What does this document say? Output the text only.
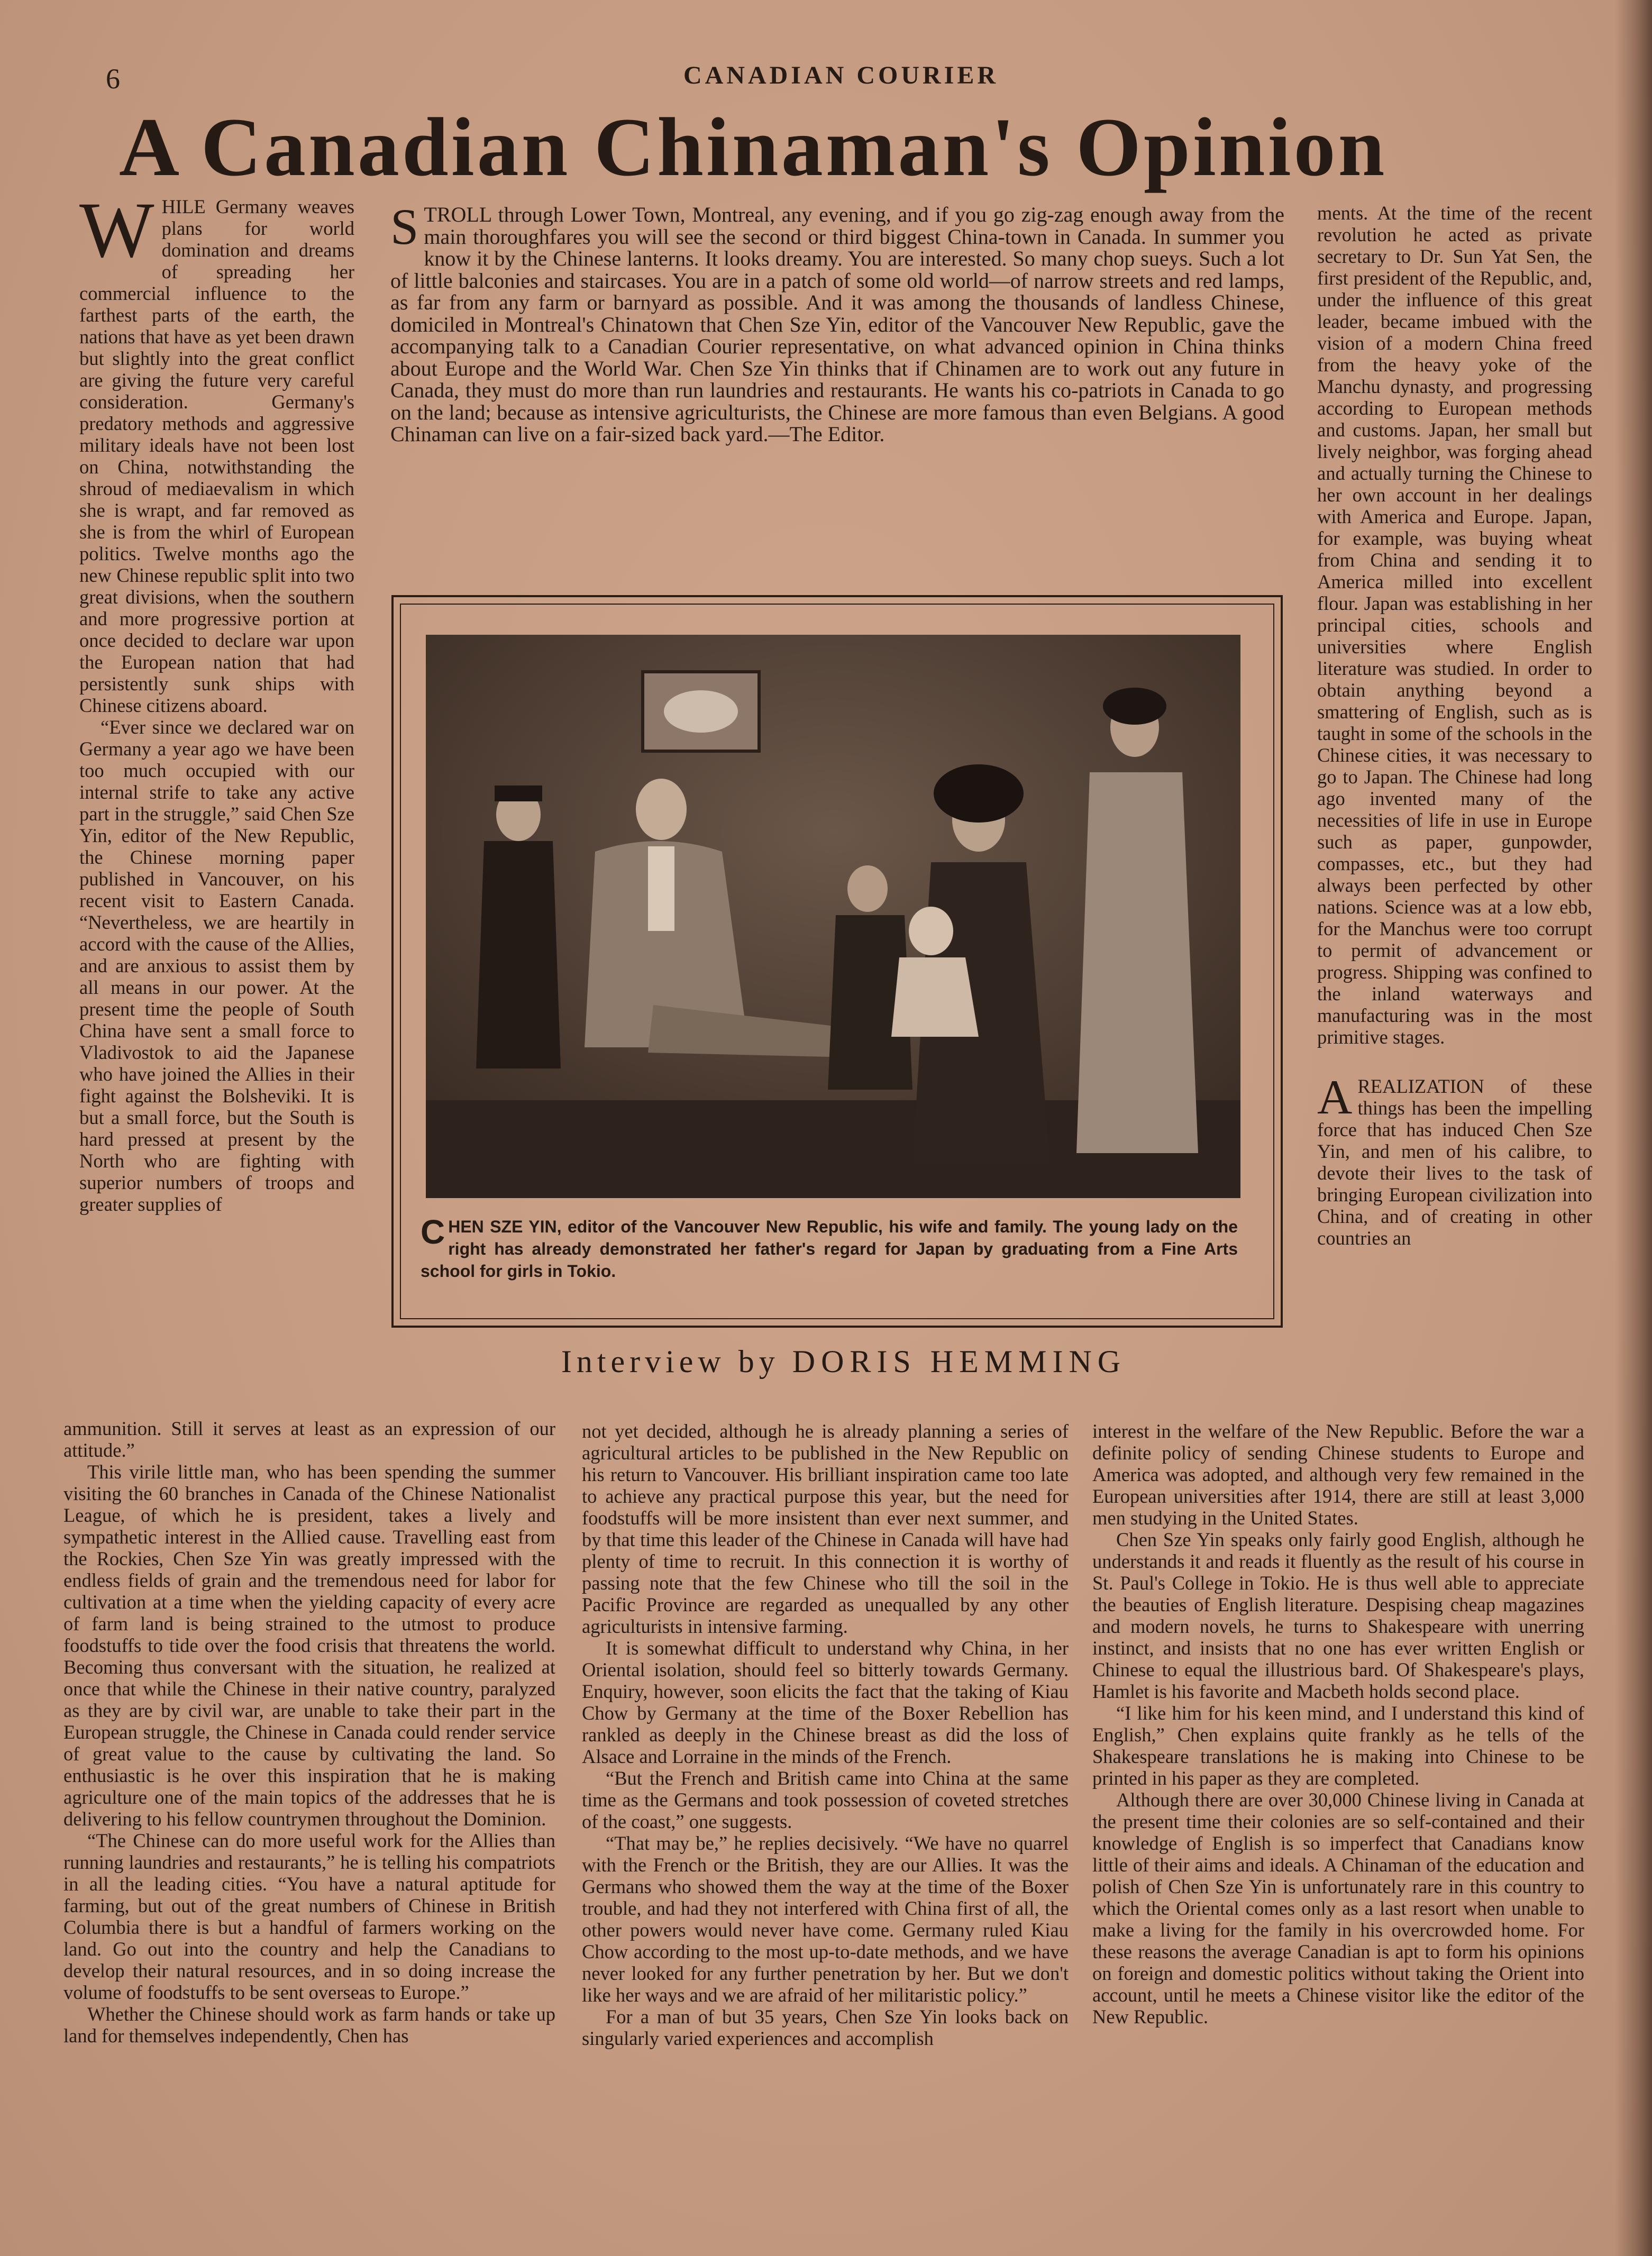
6	CANADIAN COURIER
A Canadian Chinaman's Opinion
W HILE Germany weaves plans for world domination and dreams of spreading her commercial influence to the farthest parts of the earth, the nations that have as yet been drawn but slightly into the great conflict are giving the future very careful consideration. Germany's predatory methods and aggressive military ideals have not been lost on China, notwithstanding the shroud of mediaevalism in which she is wrapt, and far removed as she is from the whirl of European politics. Twelve months ago the new Chinese republic split into two great divisions, when the southern and more progressive portion at once decided to declare war upon the European nation that had persistently sunk ships with Chinese citizens aboard.

“Ever since we declared war on Germany a year ago we have been too much occupied with our internal strife to take any active part in the struggle,” said Chen Sze Yin, editor of the New Republic, the Chinese morning paper published in Vancouver, on his recent visit to Eastern Canada. “Nevertheless, we are heartily in accord with the cause of the Allies, and are anxious to assist them by all means in our power. At the present time the people of South China have sent a small force to Vladivostok to aid the Japanese who have joined the Allies in their fight against the Bolsheviki. It is but a small force, but the South is hard pressed at present by the North who are fighting with superior numbers of troops and greater supplies of

S TROLL through Lower Town, Montreal, any evening, and if you go zig-zag enough away from the main thoroughfares you will see the second or third biggest China-town in Canada. In summer you know it by the Chinese lanterns. It looks dreamy. You are interested. So many chop sueys. Such a lot of little balconies and staircases. You are in a patch of some old world—of narrow streets and red lamps, as far from any farm or barnyard as possible. And it was among the thousands of landless Chinese, domiciled in Montreal's Chinatown that Chen Sze Yin, editor of the Vancouver New Republic, gave the accompanying talk to a Canadian Courier representative, on what advanced opinion in China thinks about Europe and the World War. Chen Sze Yin thinks that if Chinamen are to work out any future in Canada, they must do more than run laundries and restaurants. He wants his co-patriots in Canada to go on the land; because as intensive agriculturists, the Chinese are more famous than even Belgians. A good Chinaman can live on a fair-sized back yard.—The Editor.

C HEN SZE YIN, editor of the Vancouver New Republic, his wife and family. The young lady on the right has already demonstrated her father's regard for Japan by graduating from a Fine Arts school for girls in Tokio.
Interview by DORIS HEMMING

ments. At the time of the recent revolution he acted as private secretary to Dr. Sun Yat Sen, the first president of the Republic, and, under the influence of this great leader, became imbued with the vision of a modern China freed from the heavy yoke of the Manchu dynasty, and progressing according to European methods and customs. Japan, her small but lively neighbor, was forging ahead and actually turning the Chinese to her own account in her dealings with America and Europe. Japan, for example, was buying wheat from China and sending it to America milled into excellent flour. Japan was establishing in her principal cities, schools and universities where English literature was studied. In order to obtain anything beyond a smattering of English, such as is taught in some of the schools in the Chinese cities, it was necessary to go to Japan. The Chinese had long ago invented many of the necessities of life in use in Europe such as paper, gunpowder, compasses, etc., but they had always been perfected by other nations. Science was at a low ebb, for the Manchus were too corrupt to permit of advancement or progress. Shipping was confined to the inland waterways and manufacturing was in the most primitive stages.

A REALIZATION of these things has been the impelling force that has induced Chen Sze Yin, and men of his calibre, to devote their lives to the task of bringing European civilization into China, and of creating in other countries an

ammunition. Still it serves at least as an expression of our attitude.”

This virile little man, who has been spending the summer visiting the 60 branches in Canada of the Chinese Nationalist League, of which he is president, takes a lively and sympathetic interest in the Allied cause. Travelling east from the Rockies, Chen Sze Yin was greatly impressed with the endless fields of grain and the tremendous need for labor for cultivation at a time when the yielding capacity of every acre of farm land is being strained to the utmost to produce foodstuffs to tide over the food crisis that threatens the world. Becoming thus conversant with the situation, he realized at once that while the Chinese in their native country, paralyzed as they are by civil war, are unable to take their part in the European struggle, the Chinese in Canada could render service of great value to the cause by cultivating the land. So enthusiastic is he over this inspiration that he is making agriculture one of the main topics of the addresses that he is delivering to his fellow countrymen throughout the Dominion.

“The Chinese can do more useful work for the Allies than running laundries and restaurants,” he is telling his compatriots in all the leading cities. “You have a natural aptitude for farming, but out of the great numbers of Chinese in British Columbia there is but a handful of farmers working on the land. Go out into the country and help the Canadians to develop their natural resources, and in so doing increase the volume of foodstuffs to be sent overseas to Europe.”

Whether the Chinese should work as farm hands or take up land for themselves independently, Chen has

not yet decided, although he is already planning a series of agricultural articles to be published in the New Republic on his return to Vancouver. His brilliant inspiration came too late to achieve any practical purpose this year, but the need for foodstuffs will be more insistent than ever next summer, and by that time this leader of the Chinese in Canada will have had plenty of time to recruit. In this connection it is worthy of passing note that the few Chinese who till the soil in the Pacific Province are regarded as unequalled by any other agriculturists in intensive farming.

It is somewhat difficult to understand why China, in her Oriental isolation, should feel so bitterly towards Germany. Enquiry, however, soon elicits the fact that the taking of Kiau Chow by Germany at the time of the Boxer Rebellion has rankled as deeply in the Chinese breast as did the loss of Alsace and Lorraine in the minds of the French.

“But the French and British came into China at the same time as the Germans and took possession of coveted stretches of the coast,” one suggests.

“That may be,” he replies decisively. “We have no quarrel with the French or the British, they are our Allies. It was the Germans who showed them the way at the time of the Boxer trouble, and had they not interfered with China first of all, the other powers would never have come. Germany ruled Kiau Chow according to the most up-to-date methods, and we have never looked for any further penetration by her. But we don't like her ways and we are afraid of her militaristic policy.”

For a man of but 35 years, Chen Sze Yin looks back on singularly varied experiences and accomplish

interest in the welfare of the New Republic. Before the war a definite policy of sending Chinese students to Europe and America was adopted, and although very few remained in the European universities after 1914, there are still at least 3,000 men studying in the United States.

Chen Sze Yin speaks only fairly good English, although he understands it and reads it fluently as the result of his course in St. Paul's College in Tokio. He is thus well able to appreciate the beauties of English literature. Despising cheap magazines and modern novels, he turns to Shakespeare with unerring instinct, and insists that no one has ever written English or Chinese to equal the illustrious bard. Of Shakespeare's plays, Hamlet is his favorite and Macbeth holds second place.

“I like him for his keen mind, and I understand this kind of English,” Chen explains quite frankly as he tells of the Shakespeare translations he is making into Chinese to be printed in his paper as they are completed.

Although there are over 30,000 Chinese living in Canada at the present time their colonies are so self-contained and their knowledge of English is so imperfect that Canadians know little of their aims and ideals. A Chinaman of the education and polish of Chen Sze Yin is unfortunately rare in this country to which the Oriental comes only as a last resort when unable to make a living for the family in his overcrowded home. For these reasons the average Canadian is apt to form his opinions on foreign and domestic politics without taking the Orient into account, until he meets a Chinese visitor like the editor of the New Republic.
